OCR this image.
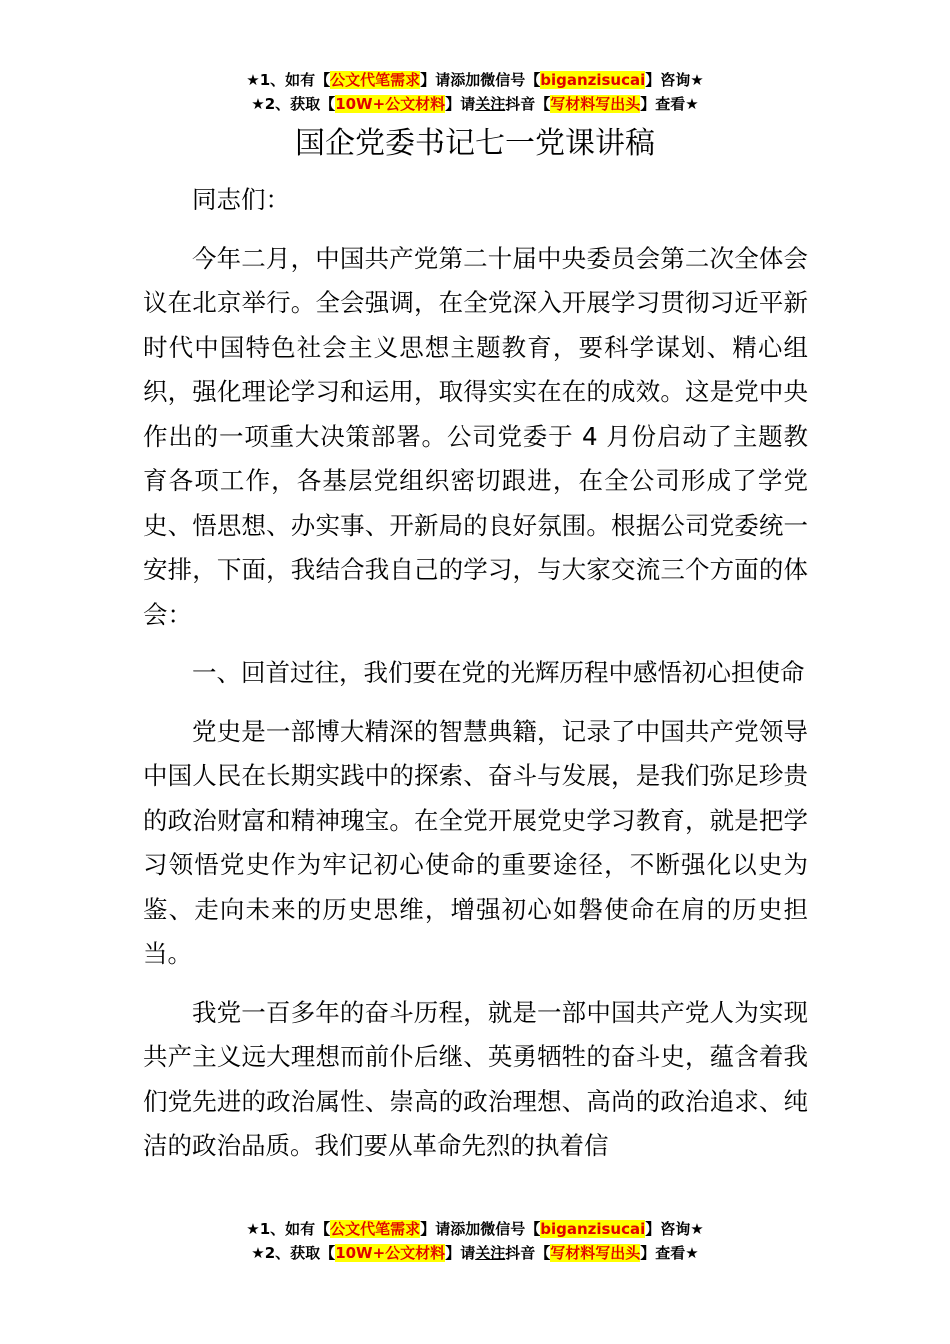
★1、如有【公文代笔需求】请添加微信号【biganzisucai】咨询★
★2、获取【10W+公文材料】请关注抖音【写材料写出头】查看★
国企党委书记七一党课讲稿

同志们：

今年二月，中国共产党第二十届中央委员会第二次全体会议在北京举行。全会强调，在全党深入开展学习贯彻习近平新时代中国特色社会主义思想主题教育，要科学谋划、精心组织，强化理论学习和运用，取得实实在在的成效。这是党中央作出的一项重大决策部署。公司党委于 4 月份启动了主题教育各项工作，各基层党组织密切跟进，在全公司形成了学党史、悟思想、办实事、开新局的良好氛围。根据公司党委统一安排，下面，我结合我自己的学习，与大家交流三个方面的体会：

一、回首过往，我们要在党的光辉历程中感悟初心担使命

党史是一部博大精深的智慧典籍，记录了中国共产党领导中国人民在长期实践中的探索、奋斗与发展，是我们弥足珍贵的政治财富和精神瑰宝。在全党开展党史学习教育，就是把学习领悟党史作为牢记初心使命的重要途径，不断强化以史为鉴、走向未来的历史思维，增强初心如磐使命在肩的历史担当。

我党一百多年的奋斗历程，就是一部中国共产党人为实现共产主义远大理想而前仆后继、英勇牺牲的奋斗史，蕴含着我们党先进的政治属性、崇高的政治理想、高尚的政治追求、纯洁的政治品质。我们要从革命先烈的执着信

★1、如有【公文代笔需求】请添加微信号【biganzisucai】咨询★
★2、获取【10W+公文材料】请关注抖音【写材料写出头】查看★
